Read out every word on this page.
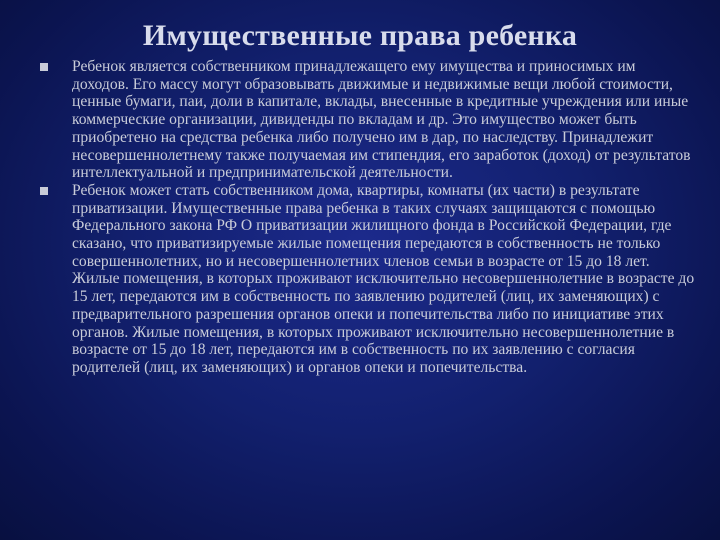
Имущественные права ребенка
Ребенок является собственником принадлежащего ему имущества и приносимых им доходов. Его массу могут образовывать движимые и недвижимые вещи любой стоимости, ценные бумаги, паи, доли в капитале, вклады, внесенные в кредитные учреждения или иные коммерческие организации, дивиденды по вкладам и др. Это имущество может быть приобретено на средства ребенка либо получено им в дар, по наследству. Принадлежит несовершеннолетнему также получаемая им стипендия, его заработок (доход) от результатов интеллектуальной и предпринимательской деятельности.
Ребенок может стать собственником дома, квартиры, комнаты (их части) в результате приватизации. Имущественные права ребенка в таких случаях защищаются с помощью Федерального закона РФ О приватизации жилищного фонда в Российской Федерации, где сказано, что приватизируемые жилые помещения передаются в собственность не только совершеннолетних, но и несовершеннолетних членов семьи в возрасте от 15 до 18 лет. Жилые помещения, в которых проживают исключительно несовершеннолетние в возрасте до 15 лет, передаются им в собственность по заявлению родителей (лиц, их заменяющих) с предварительного разрешения органов опеки и попечительства либо по инициативе этих органов. Жилые помещения, в которых проживают исключительно несовершеннолетние в возрасте от 15 до 18 лет, передаются им в собственность по их заявлению с согласия родителей (лиц, их заменяющих) и органов опеки и попечительства.
